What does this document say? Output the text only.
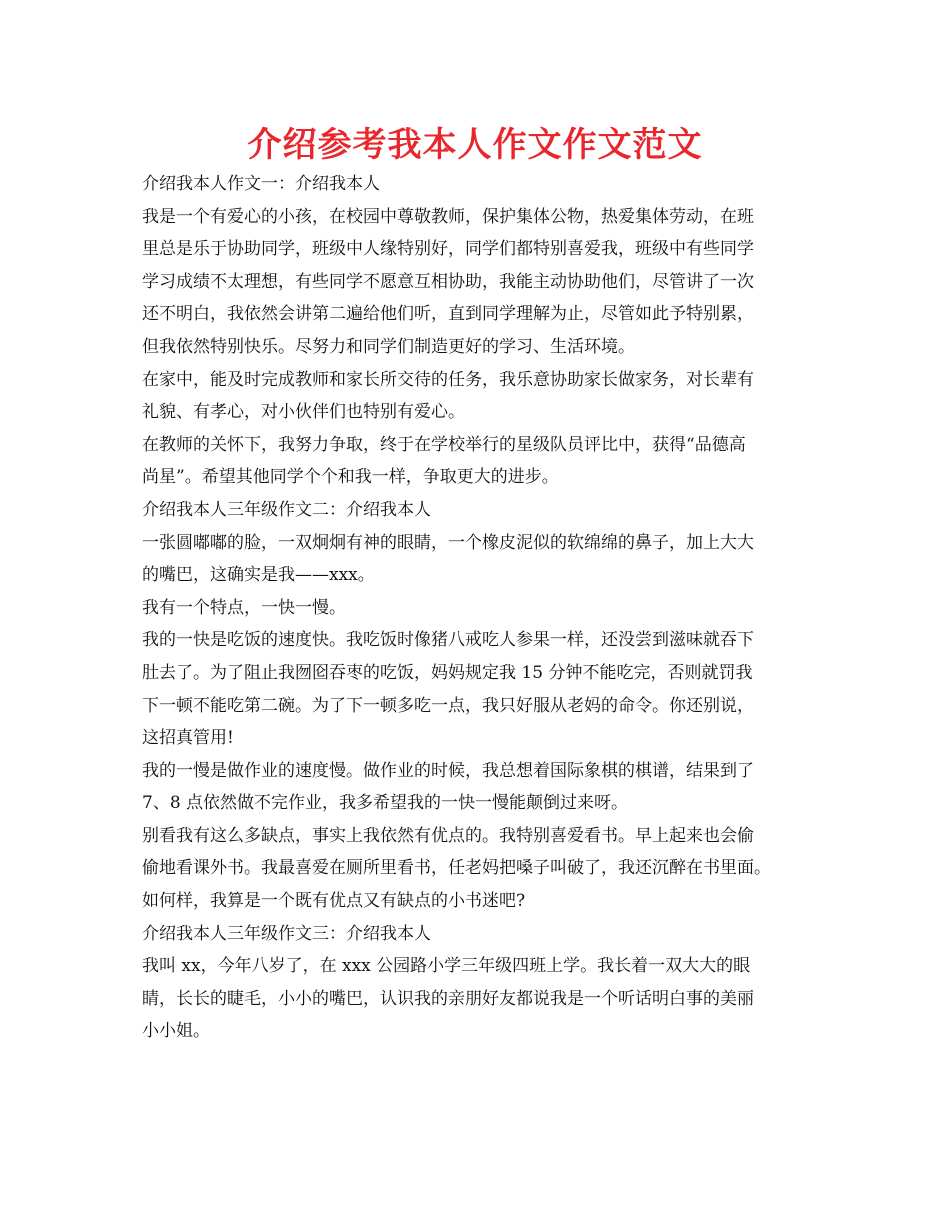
介绍参考我本人作文作文范文
介绍我本人作文一：介绍我本人
我是一个有爱心的小孩，在校园中尊敬教师，保护集体公物，热爱集体劳动，在班
里总是乐于协助同学，班级中人缘特别好，同学们都特别喜爱我，班级中有些同学
学习成绩不太理想，有些同学不愿意互相协助，我能主动协助他们，尽管讲了一次
还不明白，我依然会讲第二遍给他们听，直到同学理解为止，尽管如此予特别累，
但我依然特别快乐。尽努力和同学们制造更好的学习、生活环境。
在家中，能及时完成教师和家长所交待的任务，我乐意协助家长做家务，对长辈有
礼貌、有孝心，对小伙伴们也特别有爱心。
在教师的关怀下，我努力争取，终于在学校举行的星级队员评比中，获得“品德高
尚星”。希望其他同学个个和我一样，争取更大的进步。
介绍我本人三年级作文二：介绍我本人
一张圆嘟嘟的脸，一双炯炯有神的眼睛，一个橡皮泥似的软绵绵的鼻子，加上大大
的嘴巴，这确实是我——xxx。
我有一个特点，一快一慢。
我的一快是吃饭的速度快。我吃饭时像猪八戒吃人参果一样，还没尝到滋味就吞下
肚去了。为了阻止我囫囵吞枣的吃饭，妈妈规定我 15 分钟不能吃完，否则就罚我
下一顿不能吃第二碗。为了下一顿多吃一点，我只好服从老妈的命令。你还别说，
这招真管用!
我的一慢是做作业的速度慢。做作业的时候，我总想着国际象棋的棋谱，结果到了
7、8 点依然做不完作业，我多希望我的一快一慢能颠倒过来呀。
别看我有这么多缺点，事实上我依然有优点的。我特别喜爱看书。早上起来也会偷
偷地看课外书。我最喜爱在厕所里看书，任老妈把嗓子叫破了，我还沉醉在书里面。
如何样，我算是一个既有优点又有缺点的小书迷吧?
介绍我本人三年级作文三：介绍我本人
我叫 xx，今年八岁了，在 xxx 公园路小学三年级四班上学。我长着一双大大的眼
睛，长长的睫毛，小小的嘴巴，认识我的亲朋好友都说我是一个听话明白事的美丽
小小姐。
